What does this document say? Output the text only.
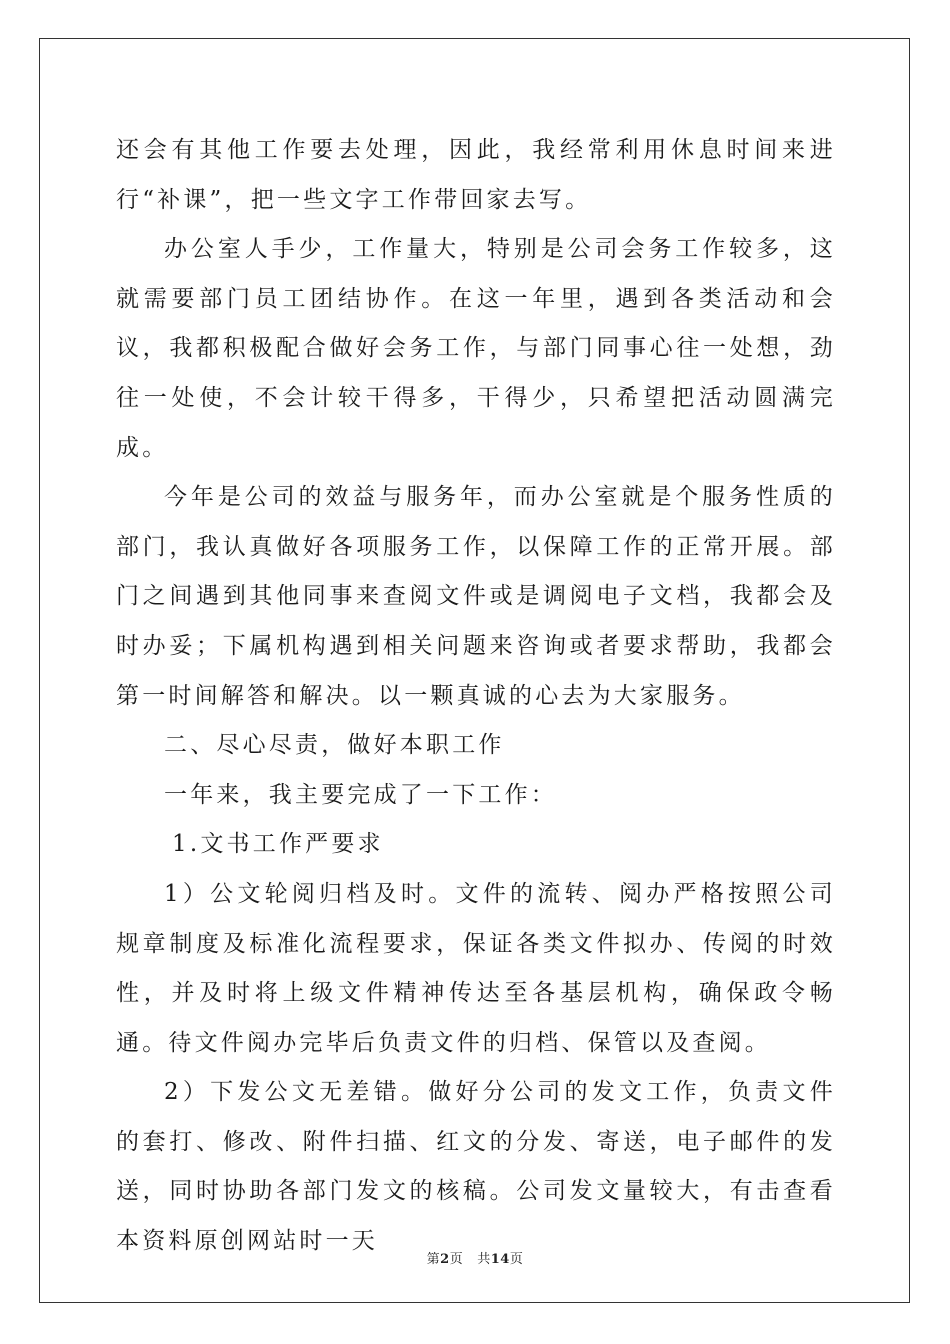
还会有其他工作要去处理，因此，我经常利用休息时间来进行“补课”，把一些文字工作带回家去写。

办公室人手少，工作量大，特别是公司会务工作较多，这就需要部门员工团结协作。在这一年里，遇到各类活动和会议，我都积极配合做好会务工作，与部门同事心往一处想，劲往一处使，不会计较干得多，干得少，只希望把活动圆满完成。

今年是公司的效益与服务年，而办公室就是个服务性质的部门，我认真做好各项服务工作，以保障工作的正常开展。部门之间遇到其他同事来查阅文件或是调阅电子文档，我都会及时办妥；下属机构遇到相关问题来咨询或者要求帮助，我都会第一时间解答和解决。以一颗真诚的心去为大家服务。

二、尽心尽责，做好本职工作

一年来，我主要完成了一下工作：

1.文书工作严要求

1）公文轮阅归档及时。文件的流转、阅办严格按照公司规章制度及标准化流程要求，保证各类文件拟办、传阅的时效性，并及时将上级文件精神传达至各基层机构，确保政令畅通。待文件阅办完毕后负责文件的归档、保管以及查阅。

2）下发公文无差错。做好分公司的发文工作，负责文件的套打、修改、附件扫描、红文的分发、寄送，电子邮件的发送，同时协助各部门发文的核稿。公司发文量较大，有击查看本资料原创网站时一天

第2页 共14页
